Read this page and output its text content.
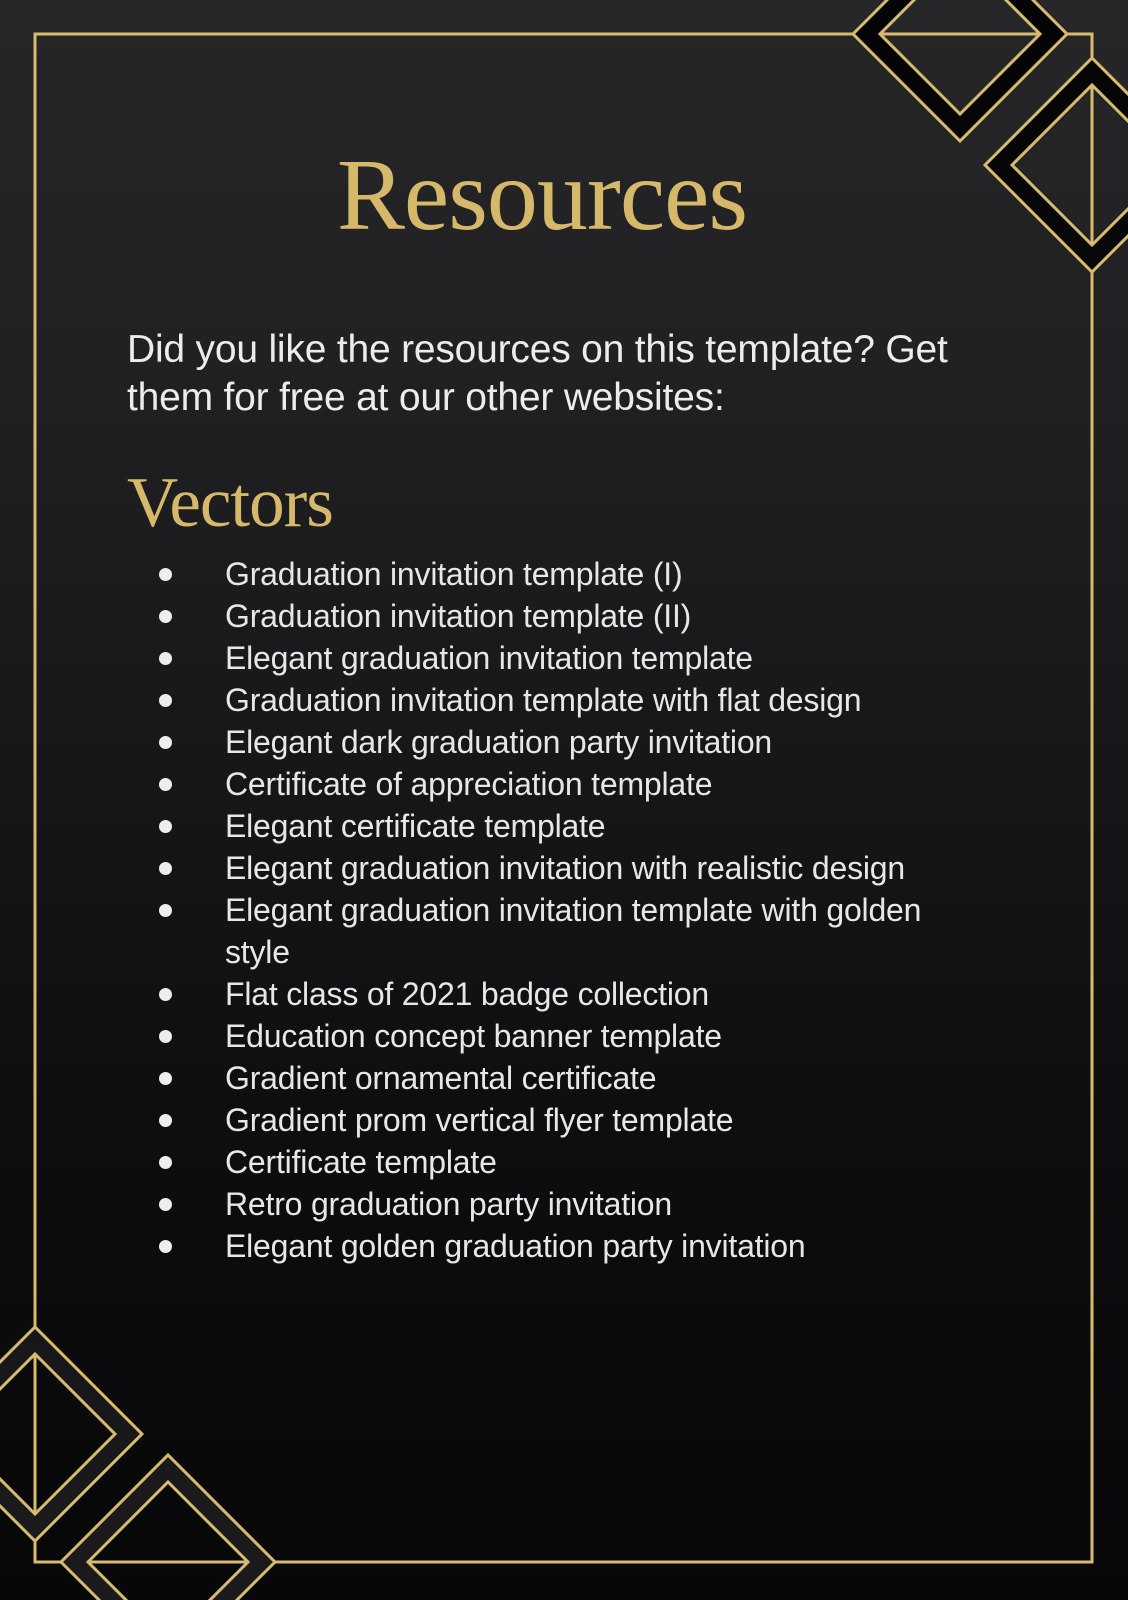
Resources

Did you like the resources on this template? Get them for free at our other websites:

Vectors
Graduation invitation template (I)
Graduation invitation template (II)
Elegant graduation invitation template
Graduation invitation template with flat design
Elegant dark graduation party invitation
Certificate of appreciation template
Elegant certificate template
Elegant graduation invitation with realistic design
Elegant graduation invitation template with golden style
Flat class of 2021 badge collection
Education concept banner template
Gradient ornamental certificate
Gradient prom vertical flyer template
Certificate template
Retro graduation party invitation
Elegant golden graduation party invitation
